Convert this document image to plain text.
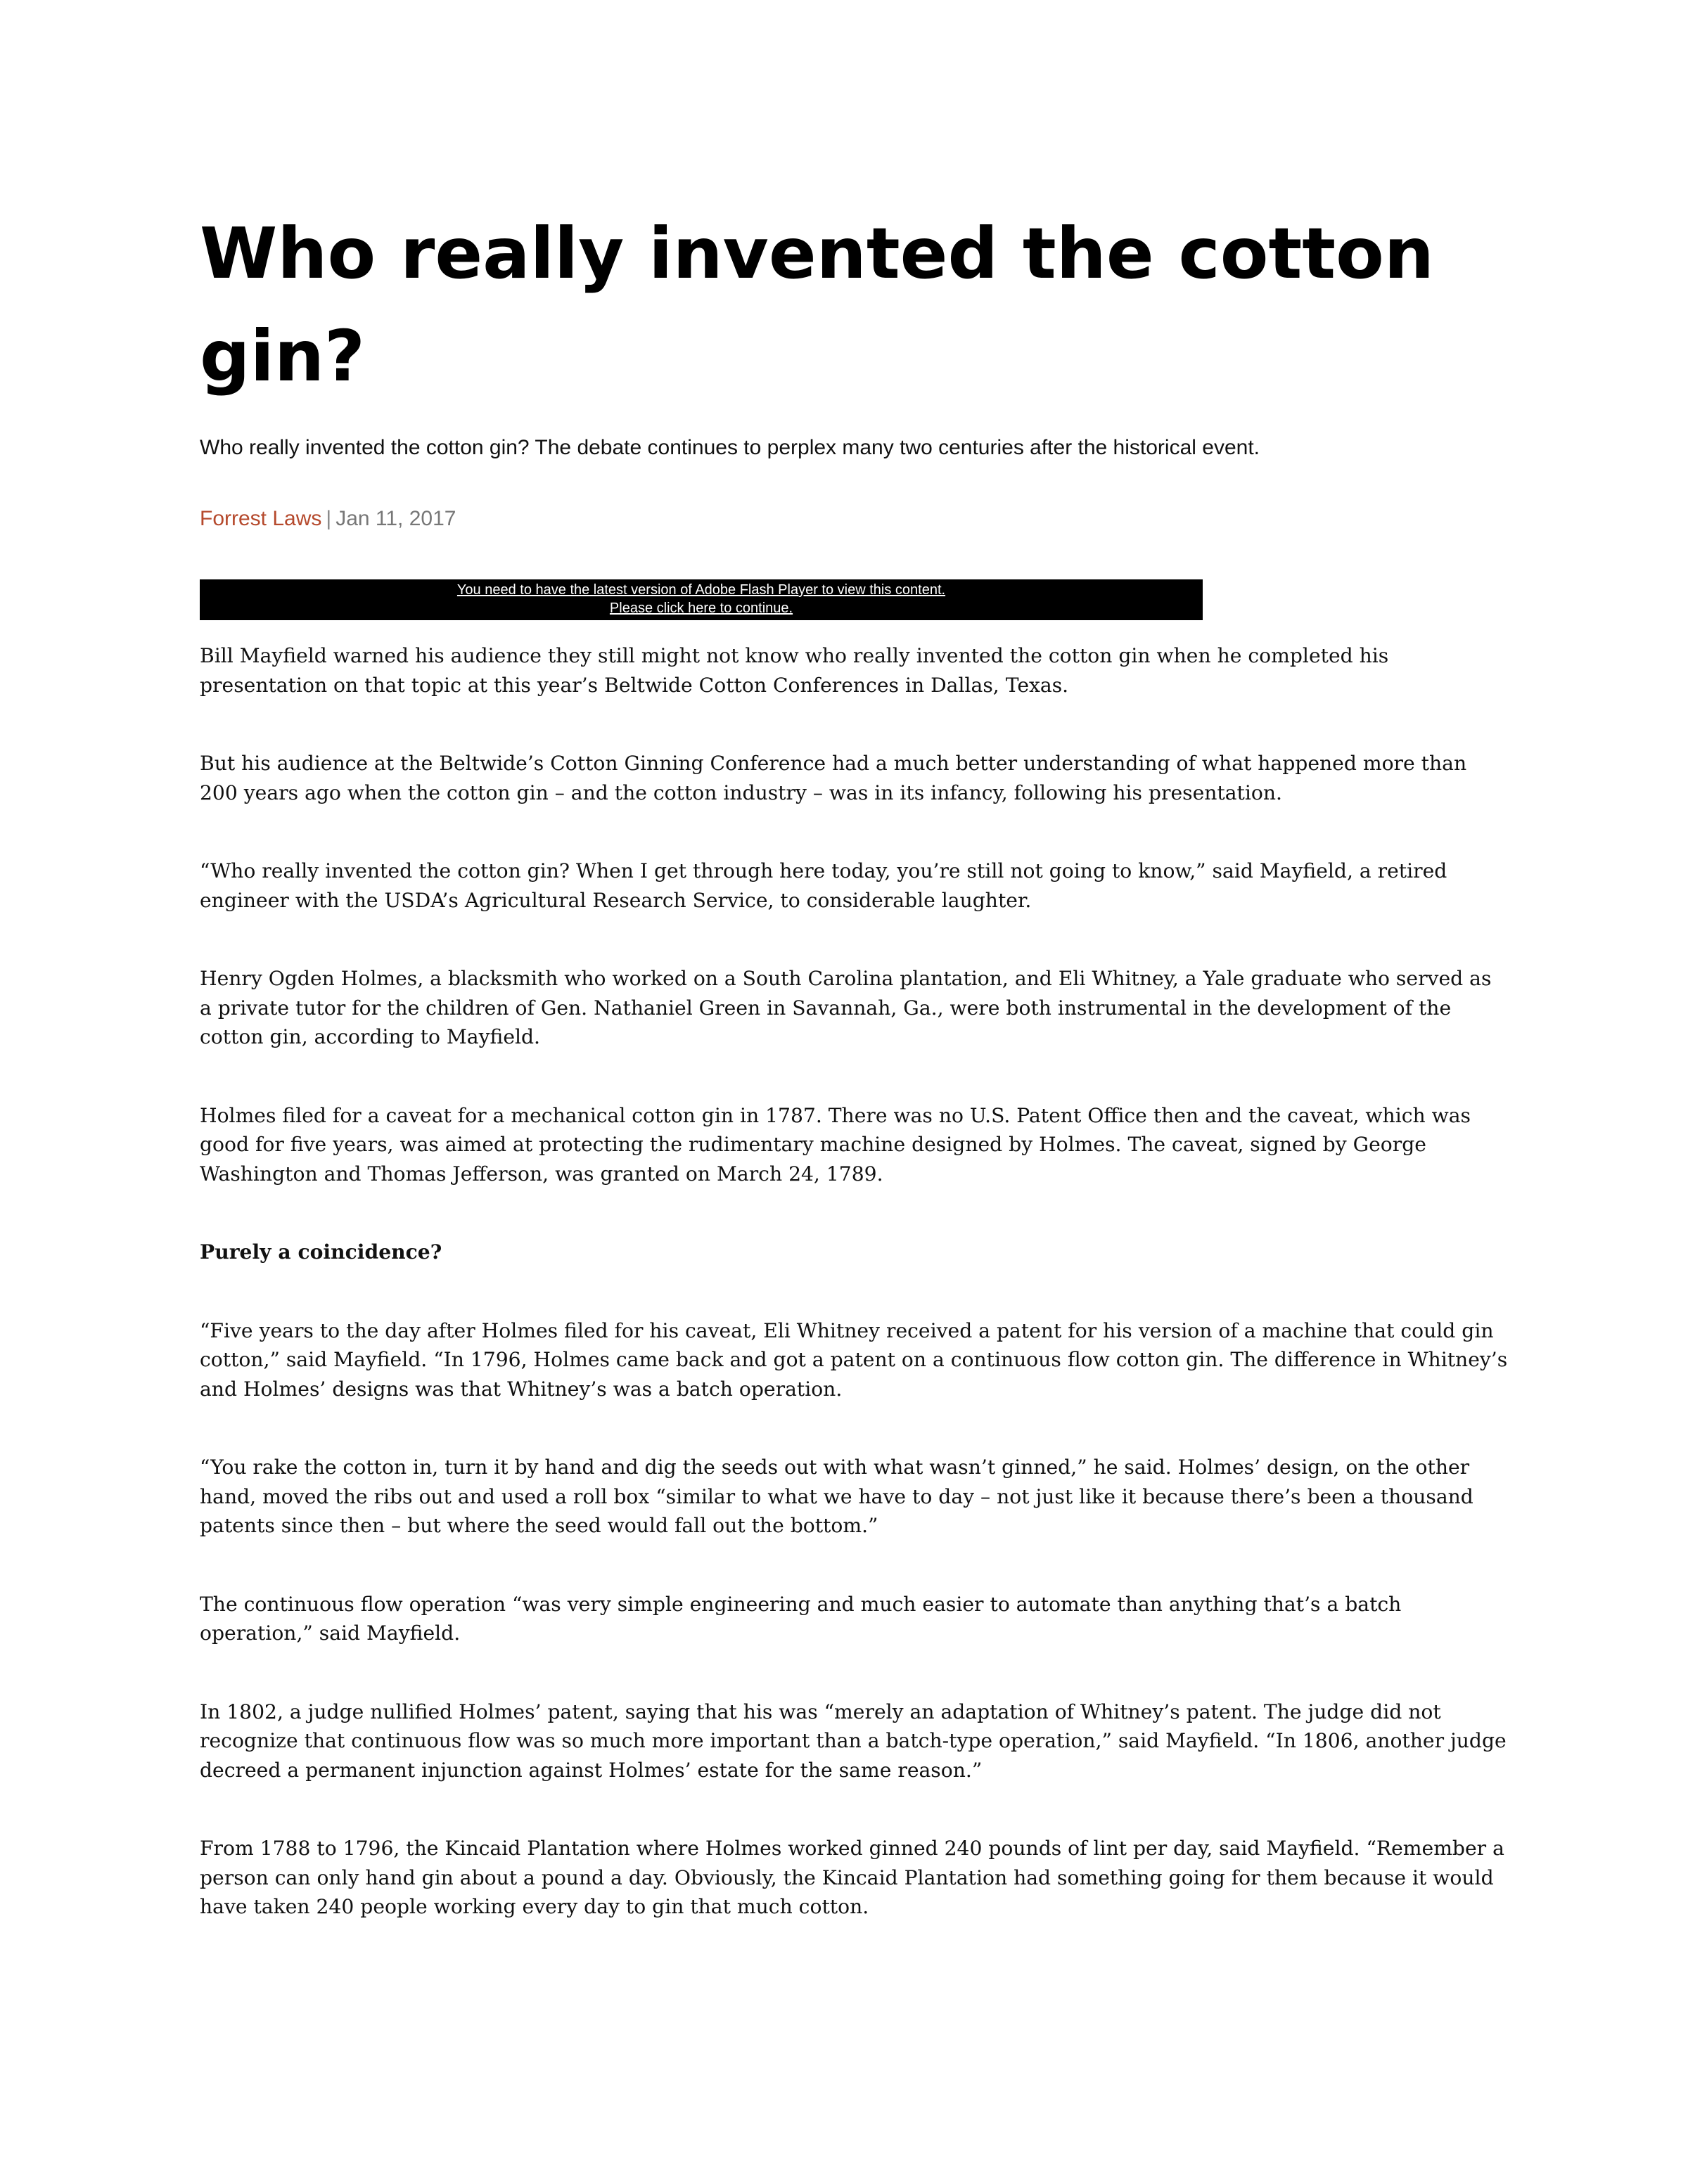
Who really invented the cotton gin?

Who really invented the cotton gin? The debate continues to perplex many two centuries after the historical event.

Forrest Laws | Jan 11, 2017
You need to have the latest version of Adobe Flash Player to view this content.
Please click here to continue.

Bill Mayfield warned his audience they still might not know who really invented the cotton gin when he completed his presentation on that topic at this year’s Beltwide Cotton Conferences in Dallas, Texas.

But his audience at the Beltwide’s Cotton Ginning Conference had a much better understanding of what happened more than 200 years ago when the cotton gin – and the cotton industry – was in its infancy, following his presentation.

“Who really invented the cotton gin? When I get through here today, you’re still not going to know,” said Mayfield, a retired engineer with the USDA’s Agricultural Research Service, to considerable laughter.

Henry Ogden Holmes, a blacksmith who worked on a South Carolina plantation, and Eli Whitney, a Yale graduate who served as a private tutor for the children of Gen. Nathaniel Green in Savannah, Ga., were both instrumental in the development of the cotton gin, according to Mayfield.

Holmes filed for a caveat for a mechanical cotton gin in 1787. There was no U.S. Patent Office then and the caveat, which was good for five years, was aimed at protecting the rudimentary machine designed by Holmes. The caveat, signed by George Washington and Thomas Jefferson, was granted on March 24, 1789.

Purely a coincidence?

“Five years to the day after Holmes filed for his caveat, Eli Whitney received a patent for his version of a machine that could gin cotton,” said Mayfield. “In 1796, Holmes came back and got a patent on a continuous flow cotton gin. The difference in Whitney’s and Holmes’ designs was that Whitney’s was a batch operation.

“You rake the cotton in, turn it by hand and dig the seeds out with what wasn’t ginned,” he said. Holmes’ design, on the other hand, moved the ribs out and used a roll box “similar to what we have to day – not just like it because there’s been a thousand patents since then – but where the seed would fall out the bottom.”

The continuous flow operation “was very simple engineering and much easier to automate than anything that’s a batch operation,” said Mayfield.

In 1802, a judge nullified Holmes’ patent, saying that his was “merely an adaptation of Whitney’s patent. The judge did not recognize that continuous flow was so much more important than a batch-type operation,” said Mayfield. “In 1806, another judge decreed a permanent injunction against Holmes’ estate for the same reason.”

From 1788 to 1796, the Kincaid Plantation where Holmes worked ginned 240 pounds of lint per day, said Mayfield. “Remember a person can only hand gin about a pound a day. Obviously, the Kincaid Plantation had something going for them because it would have taken 240 people working every day to gin that much cotton.
